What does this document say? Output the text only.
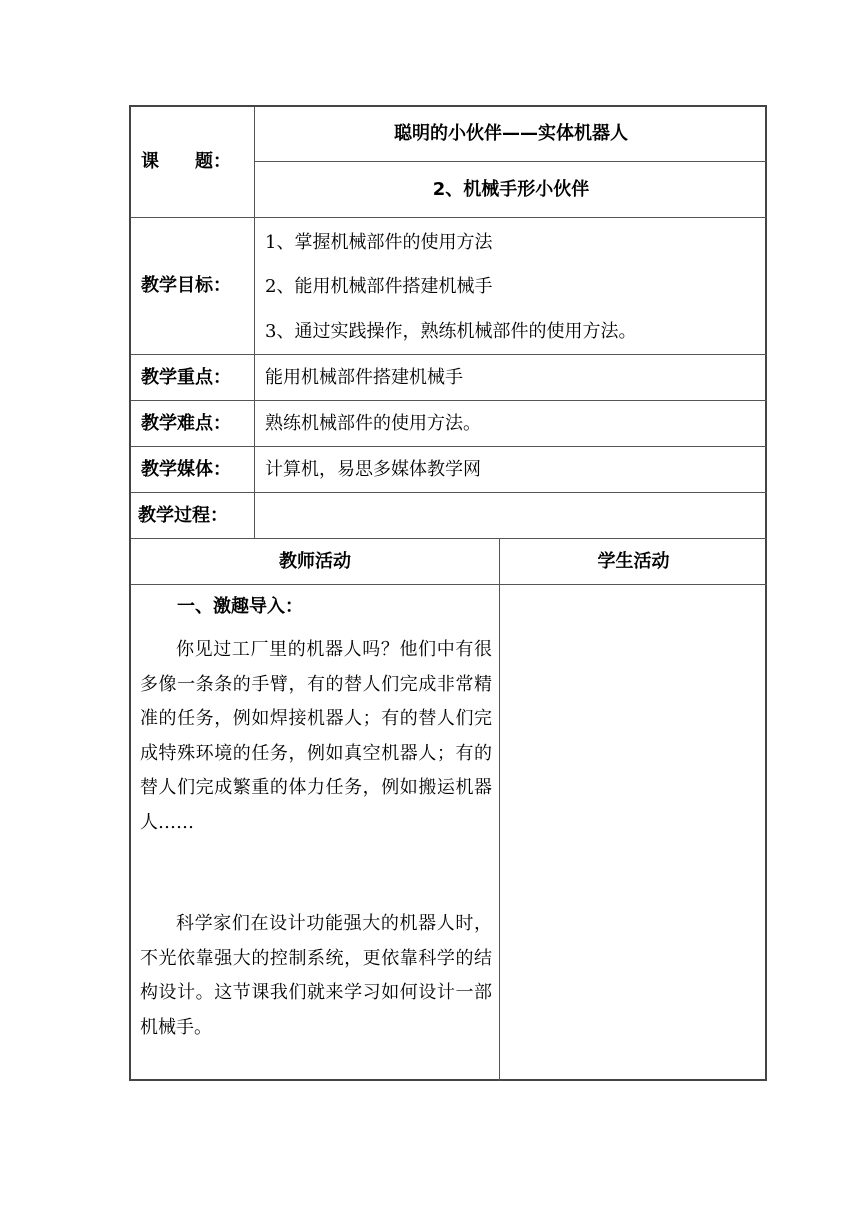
课　　题：
聪明的小伙伴——实体机器人
2、机械手形小伙伴
教学目标：
1、掌握机械部件的使用方法
2、能用机械部件搭建机械手
3、通过实践操作，熟练机械部件的使用方法。
教学重点： 能用机械部件搭建机械手
教学难点： 熟练机械部件的使用方法。
教学媒体： 计算机，易思多媒体教学网
教学过程：
教师活动	学生活动
一、激趣导入：

你见过工厂里的机器人吗？他们中有很多像一条条的手臂，有的替人们完成非常精准的任务，例如焊接机器人；有的替人们完成特殊环境的任务，例如真空机器人；有的替人们完成繁重的体力任务，例如搬运机器人……

科学家们在设计功能强大的机器人时，不光依靠强大的控制系统，更依靠科学的结构设计。这节课我们就来学习如何设计一部机械手。
